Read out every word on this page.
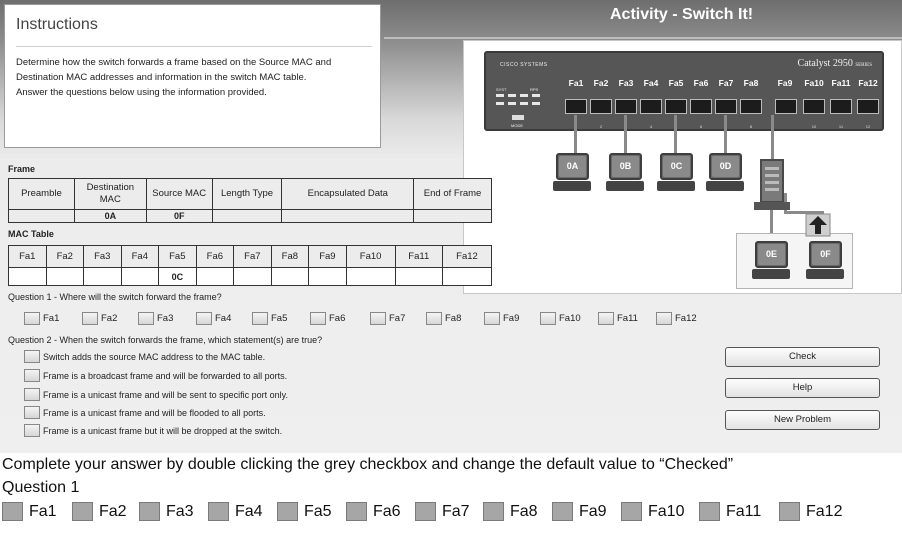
Activity - Switch It!
Instructions
Determine how the switch forwards a frame based on the Source MAC and
Destination MAC addresses and information in the switch MAC table.
Answer the questions below using the information provided.
CISCO SYSTEMS	Catalyst 2950 SERIES
SYST	RPS
MODE
Fa1	Fa2	Fa3	Fa4	Fa5	Fa6	Fa7	Fa8	Fa9	Fa10 Fa11 Fa12
2	4	6	8	10	11	12
0A	0B	0C	0D
0E	0F
Frame
Preamble	Destination MAC	Source MAC	Length Type	Encapsulated Data	End of Frame
	0A	0F			
MAC Table
Fa1	Fa2	Fa3	Fa4	Fa5	Fa6	Fa7	Fa8	Fa9	Fa10	Fa11	Fa12
				0C							
Question 1 - Where will the switch forward the frame?
Fa1	Fa2	Fa3	Fa4	Fa5	Fa6	Fa7	Fa8	Fa9	Fa10	Fa11	Fa12
Question 2 - When the switch forwards the frame, which statement(s) are true?
Switch adds the source MAC address to the MAC table.
Frame is a broadcast frame and will be forwarded to all ports.
Frame is a unicast frame and will be sent to specific port only.
Frame is a unicast frame and will be flooded to all ports.
Frame is a unicast frame but it will be dropped at the switch.
Check
Help
New Problem
Complete your answer by double clicking the grey checkbox and change the default value to “Checked”
Question 1
Fa1	Fa2	Fa3	Fa4	Fa5	Fa6	Fa7	Fa8	Fa9	Fa10	Fa11	Fa12
